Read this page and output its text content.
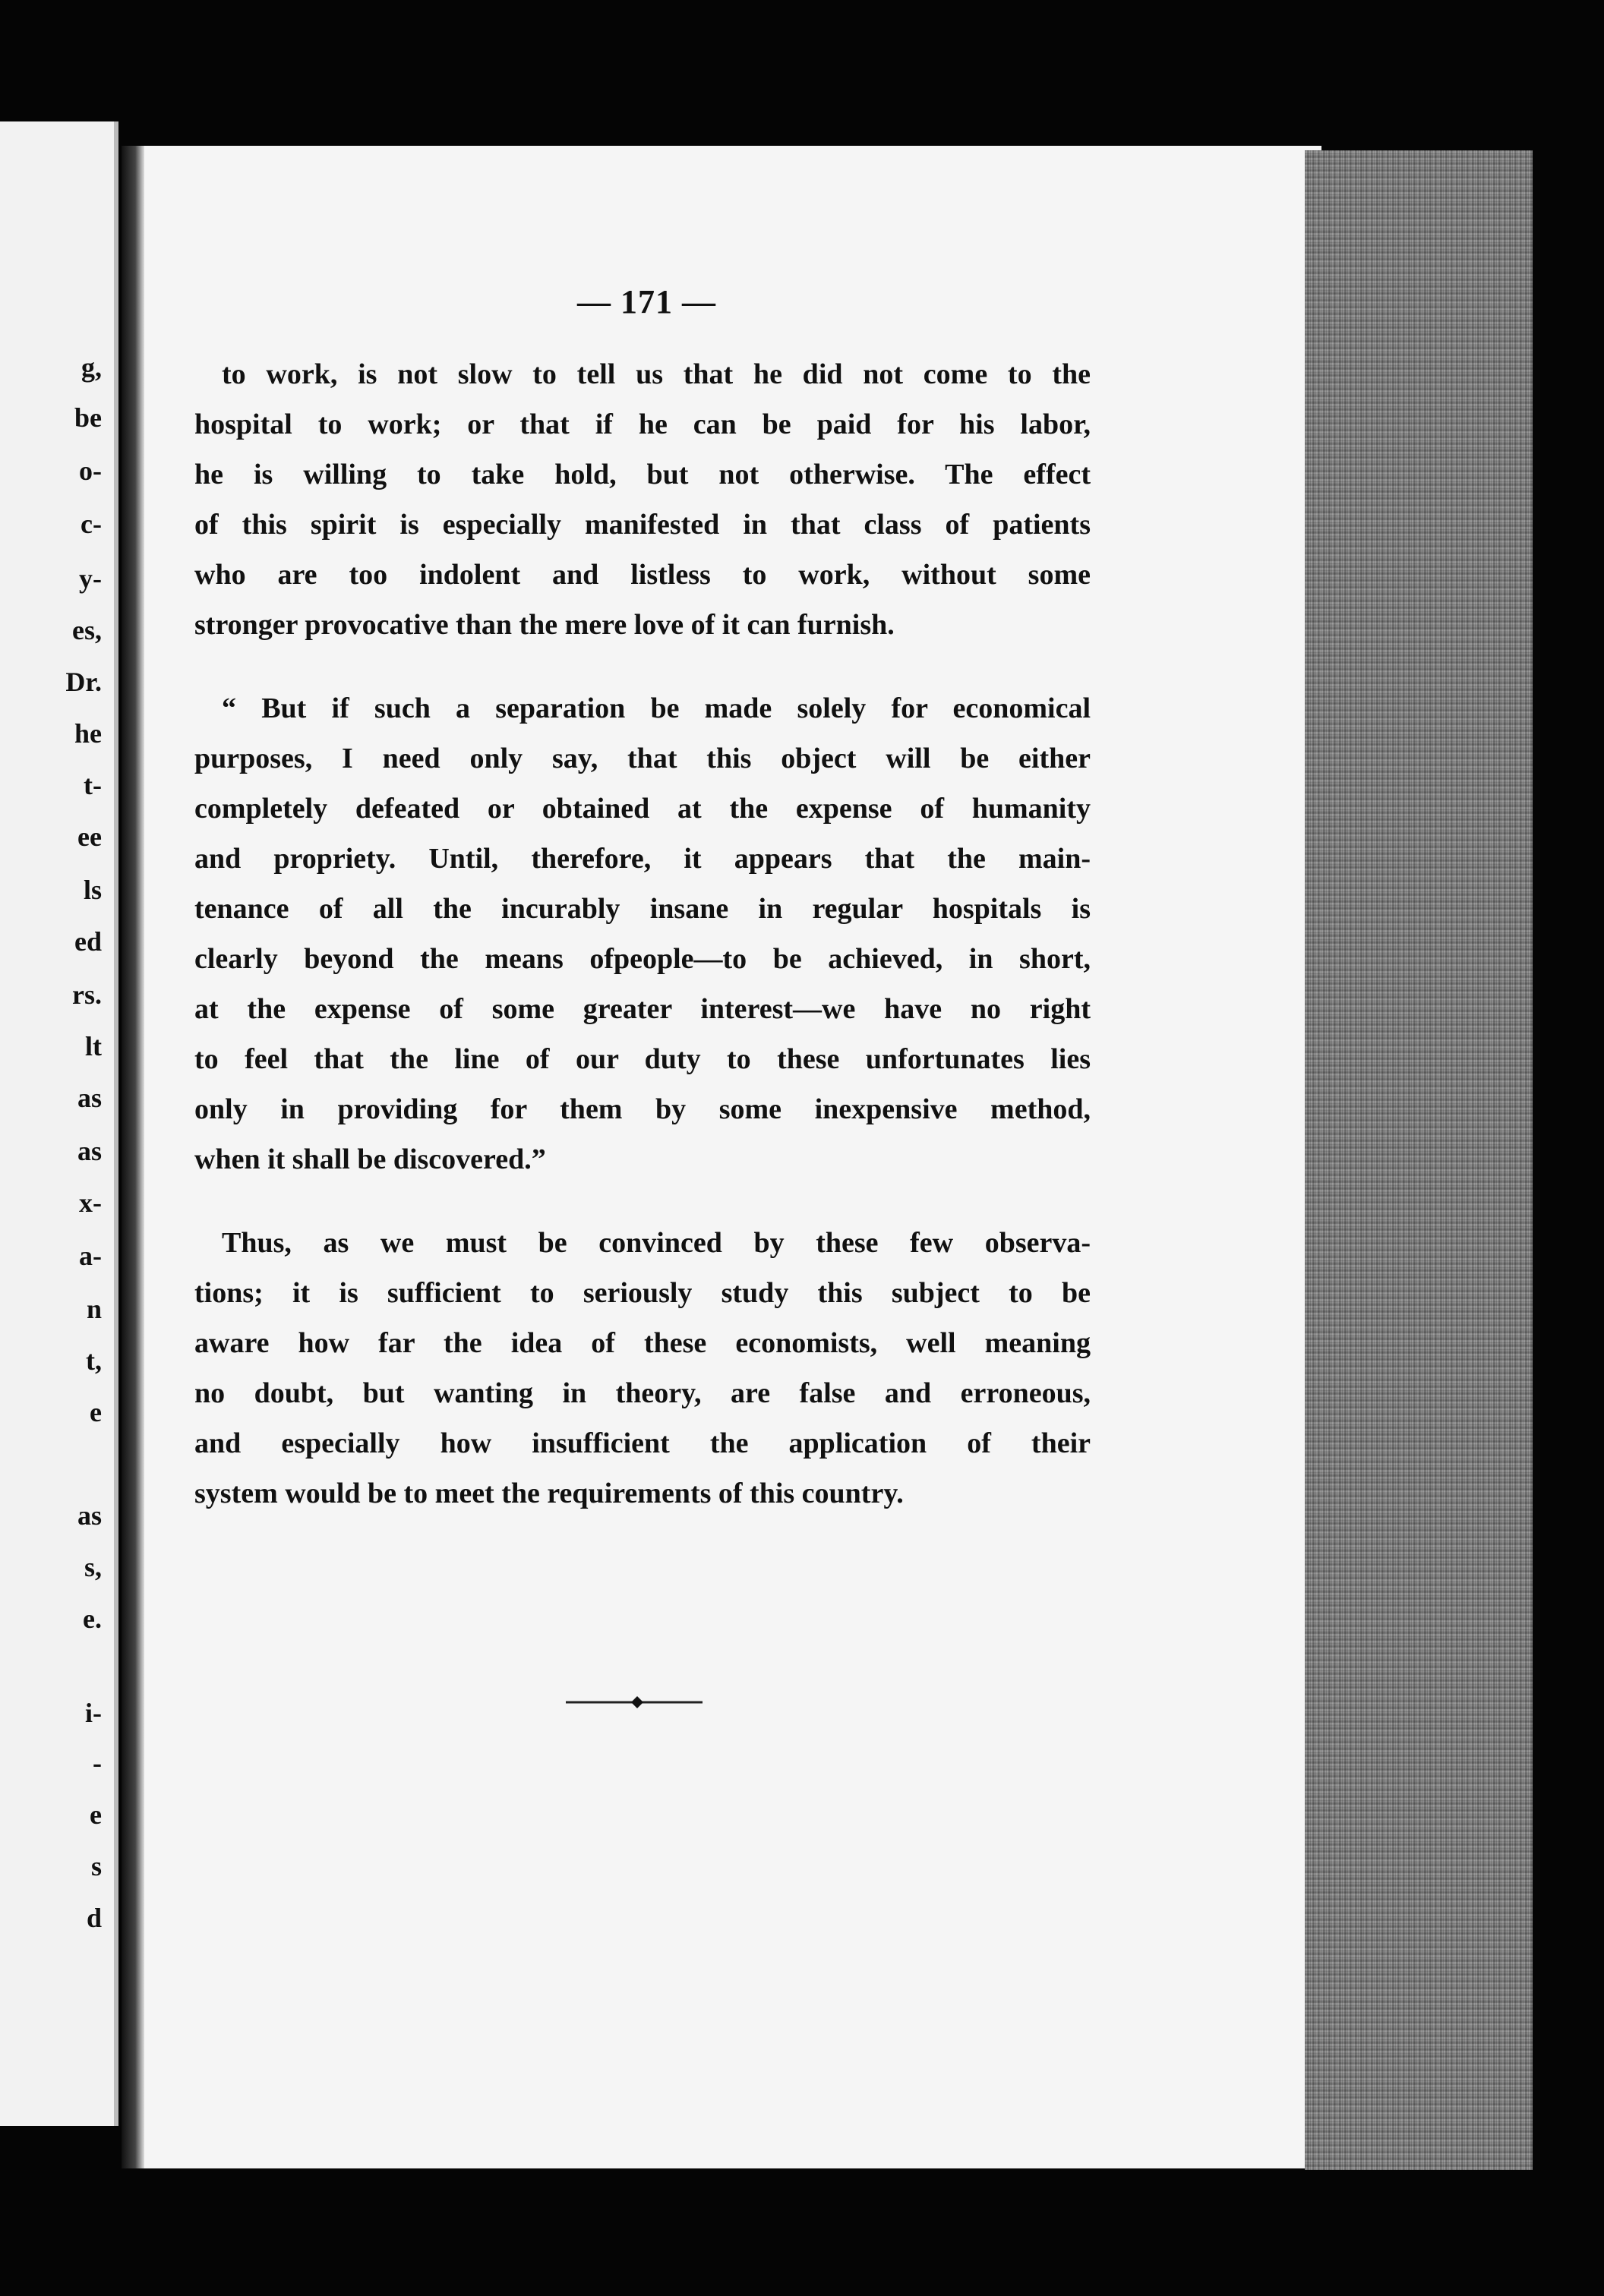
g,
be
o-
c-
y-
es,
Dr.
he
t-
ee
ls
ed
rs.
lt
as
as
x-
a-
n
t,
e
as
s,
e.
i-
-
e
s
d
— 171 —
to work, is not slow to tell us that he did not come to the
hospital to work; or that if he can be paid for his labor,
he is willing to take hold, but not otherwise. The effect
of this spirit is especially manifested in that class of patients
who are too indolent and listless to work, without some
stronger provocative than the mere love of it can furnish.
“ But if such a separation be made solely for economical
purposes, I need only say, that this object will be either
completely defeated or obtained at the expense of humanity
and propriety. Until, therefore, it appears that the main-
tenance of all the incurably insane in regular hospitals is
clearly beyond the means ofpeople—to be achieved, in short,
at the expense of some greater interest—we have no right
to feel that the line of our duty to these unfortunates lies
only in providing for them by some inexpensive method,
when it shall be discovered.”
Thus, as we must be convinced by these few observa-
tions; it is sufficient to seriously study this subject to be
aware how far the idea of these economists, well meaning
no doubt, but wanting in theory, are false and erroneous,
and especially how insufficient the application of their
system would be to meet the requirements of this country.
